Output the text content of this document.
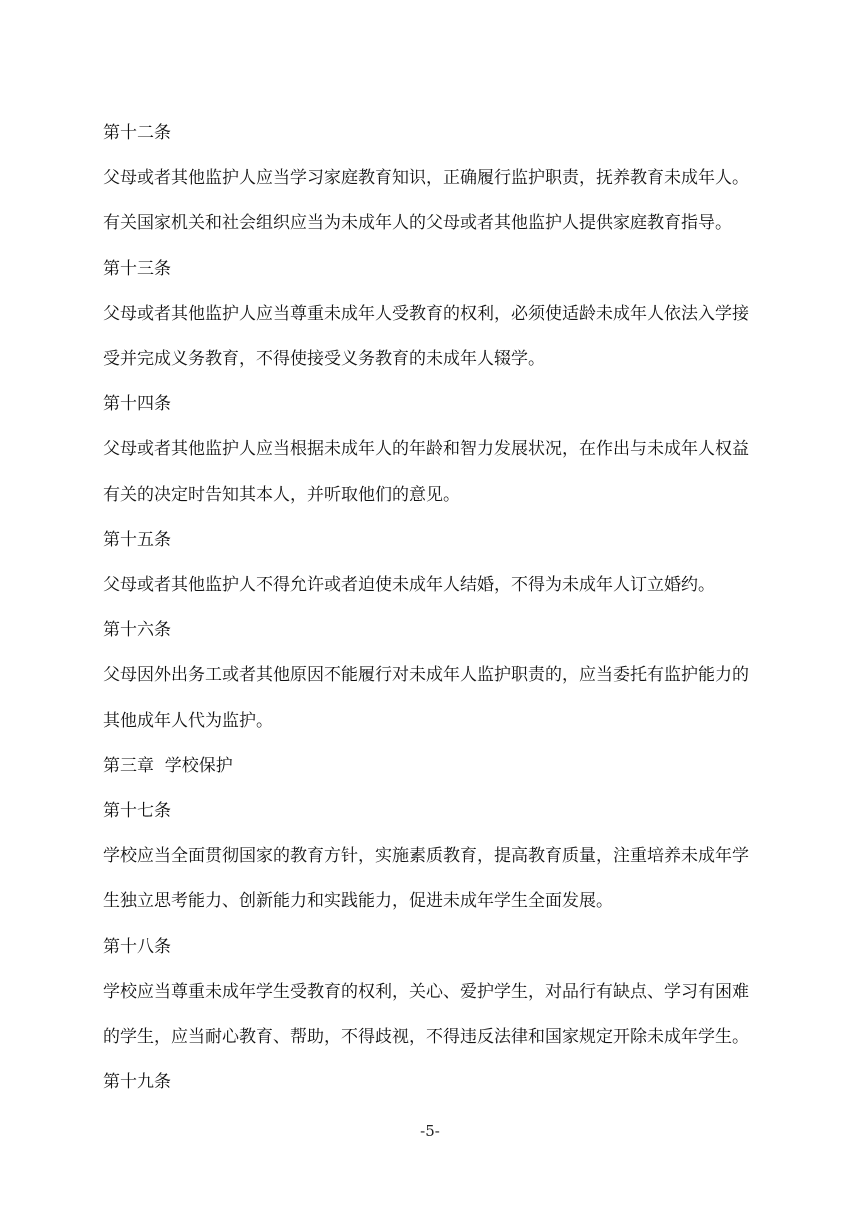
第十二条
父母或者其他监护人应当学习家庭教育知识，正确履行监护职责，抚养教育未成年人。
有关国家机关和社会组织应当为未成年人的父母或者其他监护人提供家庭教育指导。
第十三条
父母或者其他监护人应当尊重未成年人受教育的权利，必须使适龄未成年人依法入学接
受并完成义务教育，不得使接受义务教育的未成年人辍学。
第十四条
父母或者其他监护人应当根据未成年人的年龄和智力发展状况，在作出与未成年人权益
有关的决定时告知其本人，并听取他们的意见。
第十五条
父母或者其他监护人不得允许或者迫使未成年人结婚，不得为未成年人订立婚约。
第十六条
父母因外出务工或者其他原因不能履行对未成年人监护职责的，应当委托有监护能力的
其他成年人代为监护。
第三章  学校保护
第十七条
学校应当全面贯彻国家的教育方针，实施素质教育，提高教育质量，注重培养未成年学
生独立思考能力、创新能力和实践能力，促进未成年学生全面发展。
第十八条
学校应当尊重未成年学生受教育的权利，关心、爱护学生，对品行有缺点、学习有困难
的学生，应当耐心教育、帮助，不得歧视，不得违反法律和国家规定开除未成年学生。
第十九条
-5-
